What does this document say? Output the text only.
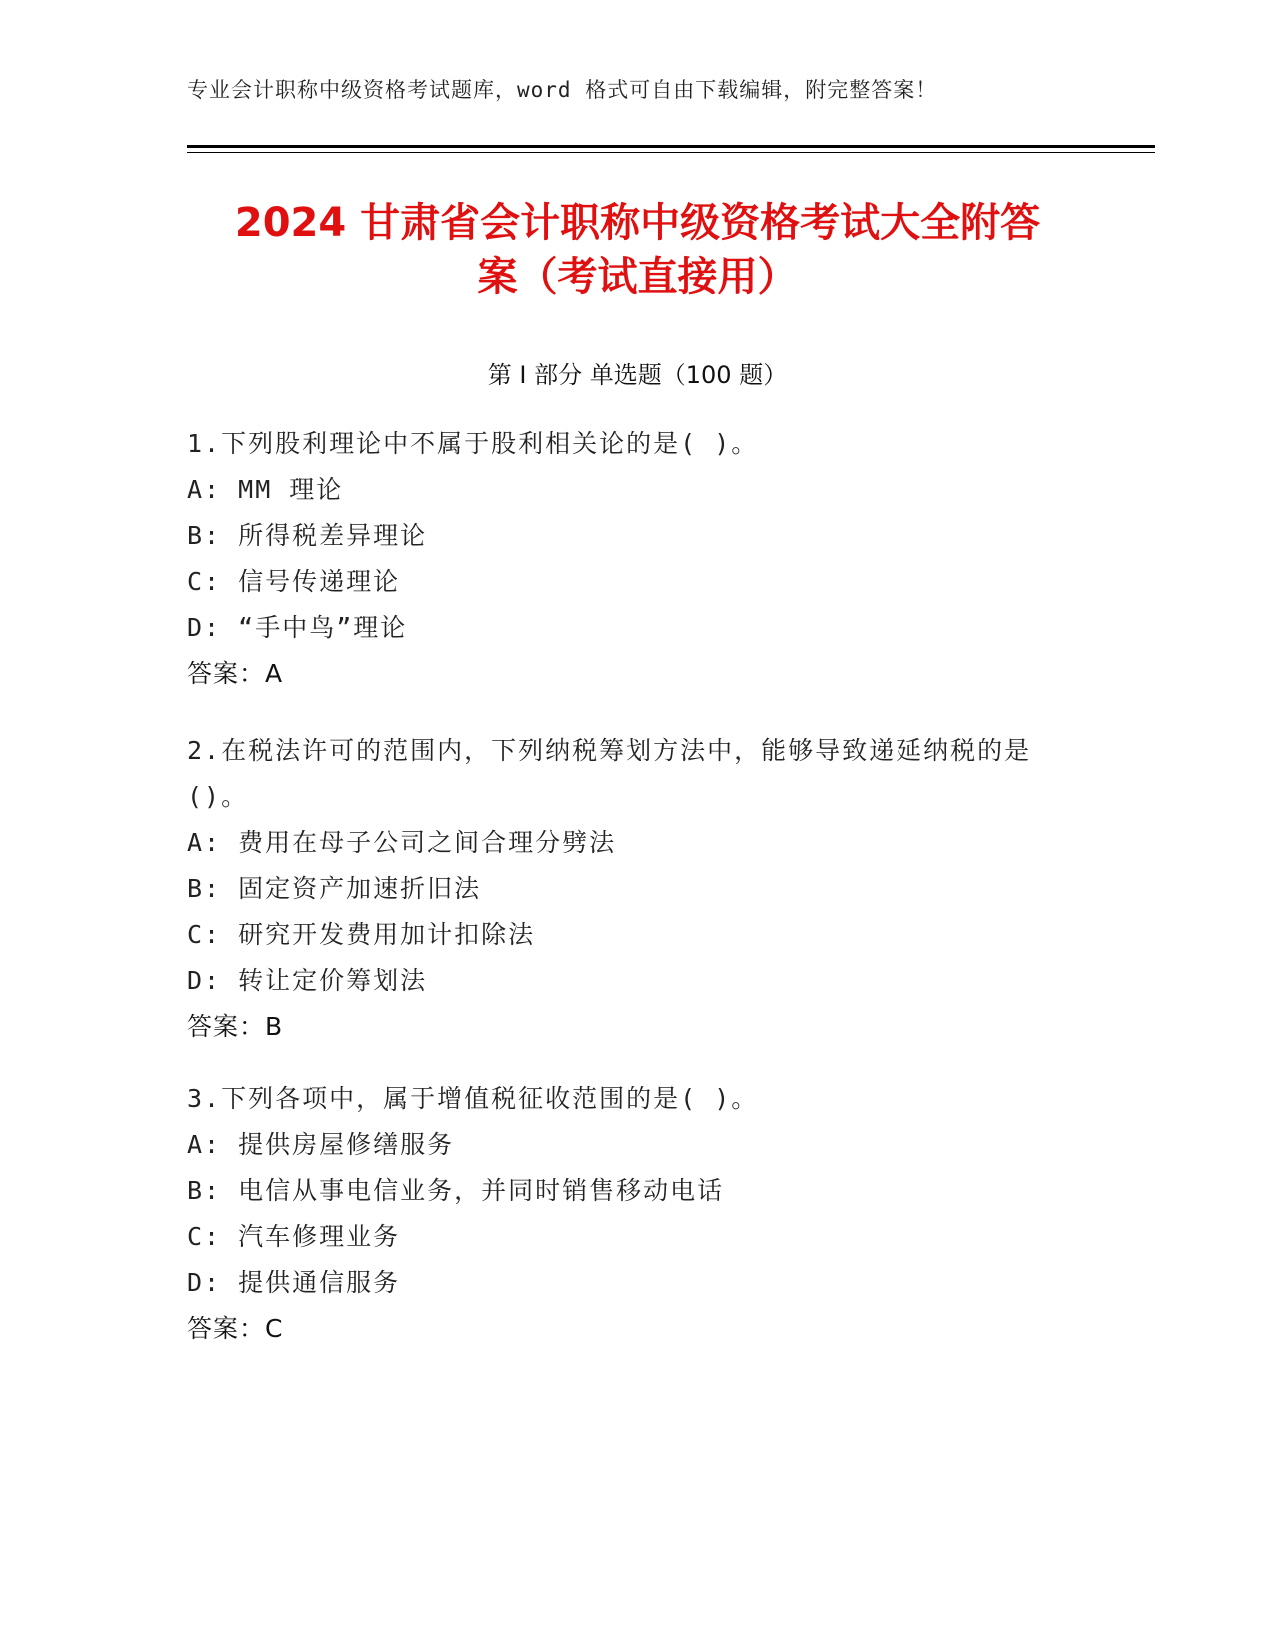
专业会计职称中级资格考试题库，word 格式可自由下载编辑，附完整答案！
2024 甘肃省会计职称中级资格考试大全附答
案（考试直接用）
第 I 部分 单选题（100 题）
1.下列股利理论中不属于股利相关论的是( )。
A: MM 理论
B: 所得税差异理论
C: 信号传递理论
D: “手中鸟”理论
答案：A
2.在税法许可的范围内，下列纳税筹划方法中，能够导致递延纳税的是()。
A: 费用在母子公司之间合理分劈法
B: 固定资产加速折旧法
C: 研究开发费用加计扣除法
D: 转让定价筹划法
答案：B
3.下列各项中，属于增值税征收范围的是( )。
A: 提供房屋修缮服务
B: 电信从事电信业务，并同时销售移动电话
C: 汽车修理业务
D: 提供通信服务
答案：C
